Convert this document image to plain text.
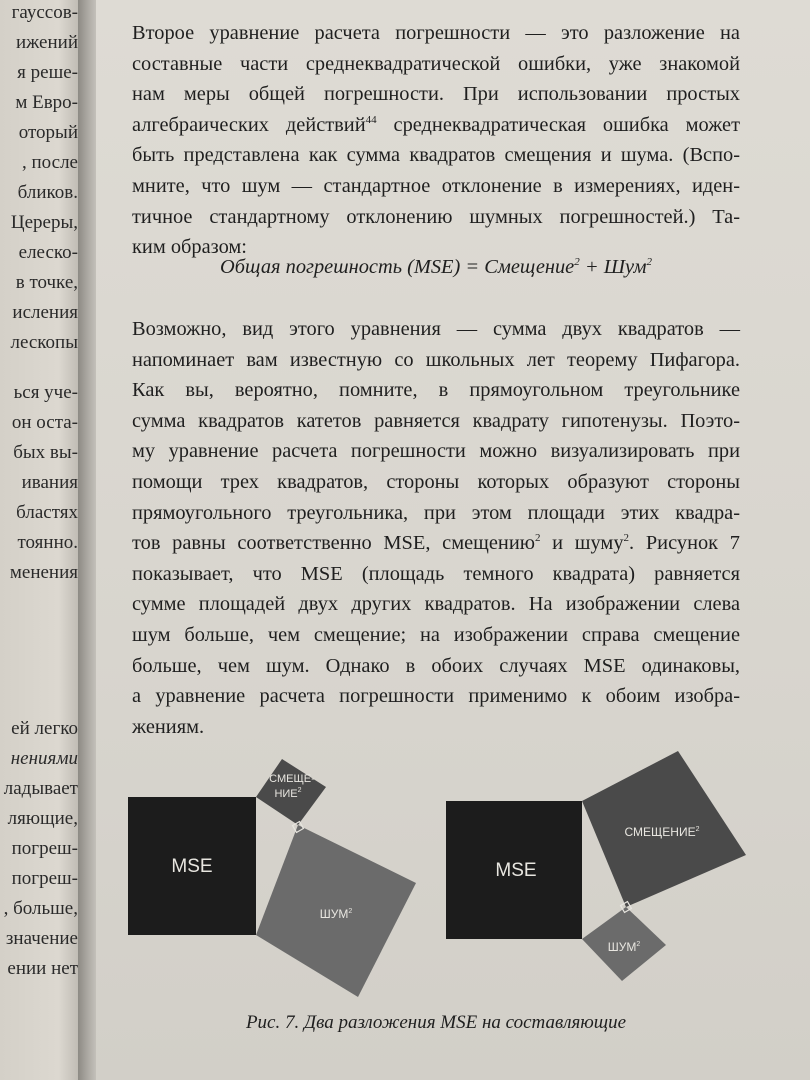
гауссов-
ижений
я реше-
м Евро-
оторый
, после
бликов.
Цереры,
елеско-
в точке,
исления
лескопы
ься уче-
он оста-
бых вы-
ивания
бластях
тоянно.
менения
ей легко
нениями
ладывает
ляющие,
погреш-
погреш-
, больше,
значение
ении нет

Второе уравнение расчета погрешности — это разложение на
составные части среднеквадратической ошибки, уже знакомой
нам меры общей погрешности. При использовании простых
алгебраических действий$^{44}$ среднеквадратическая ошибка может
быть представлена как сумма квадратов смещения и шума. (Вспо-
мните, что шум — стандартное отклонение в измерениях, иден-
тичное стандартному отклонению шумных погрешностей.) Та-
ким образом:

Общая погрешность (MSE) = Смещение$^2$ + Шум$^2$

Возможно, вид этого уравнения — сумма двух квадратов —
напоминает вам известную со школьных лет теорему Пифагора.
Как вы, вероятно, помните, в прямоугольном треугольнике
сумма квадратов катетов равняется квадрату гипотенузы. Поэто-
му уравнение расчета погрешности можно визуализировать при
помощи трех квадратов, стороны которых образуют стороны
прямоугольного треугольника, при этом площади этих квадра-
тов равны соответственно MSE, смещению$^2$ и шуму$^2$. Рисунок 7
показывает, что MSE (площадь темного квадрата) равняется
сумме площадей двух других квадратов. На изображении слева
шум больше, чем смещение; на изображении справа смещение
больше, чем шум. Однако в обоих случаях MSE одинаковы,
а уравнение расчета погрешности применимо к обоим изобра-
жениям.

MSE
СМЕЩЕ-
НИЕ$^2$
ШУМ$^2$
MSE
СМЕЩЕНИЕ$^2$
ШУМ$^2$
Рис. 7. Два разложения MSE на составляющие
